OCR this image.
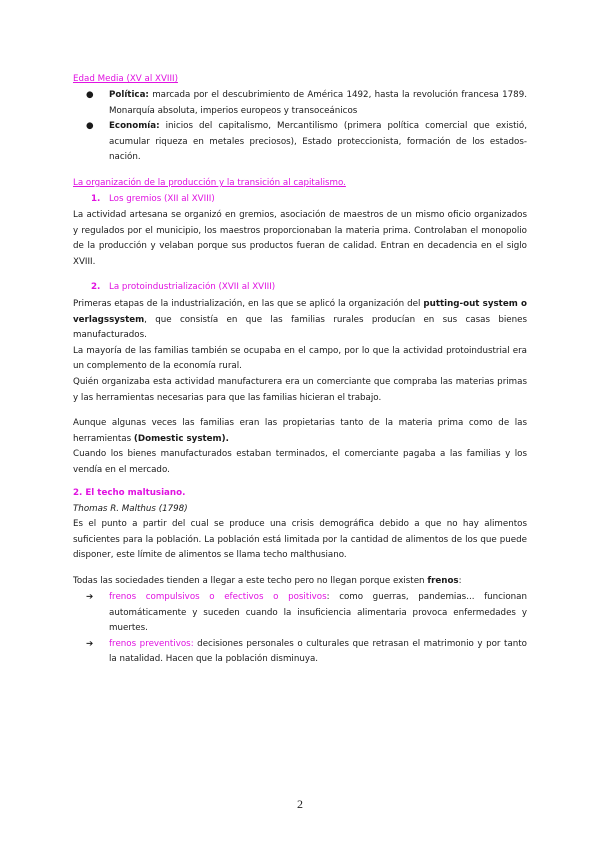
Edad Media (XV al XVIII)
● Política: marcada por el descubrimiento de América 1492, hasta la revolución francesa 1789. Monarquía absoluta, imperios europeos y transoceánicos
● Economía: inicios del capitalismo, Mercantilismo (primera política comercial que existió, acumular riqueza en metales preciosos), Estado proteccionista, formación de los estados-nación.
La organización de la producción y la transición al capitalismo.
1. Los gremios (XII al XVIII)

La actividad artesana se organizó en gremios, asociación de maestros de un mismo oficio organizados y regulados por el municipio, los maestros proporcionaban la materia prima. Controlaban el monopolio de la producción y velaban porque sus productos fueran de calidad. Entran en decadencia en el siglo XVIII.

2. La protoindustrialización (XVII al XVIII)

Primeras etapas de la industrialización, en las que se aplicó la organización del putting-out system o verlagssystem, que consistía en que las familias rurales producían en sus casas bienes manufacturados.

La mayoría de las familias también se ocupaba en el campo, por lo que la actividad protoindustrial era un complemento de la economía rural.

Quién organizaba esta actividad manufacturera era un comerciante que compraba las materias primas y las herramientas necesarias para que las familias hicieran el trabajo.

Aunque algunas veces las familias eran las propietarias tanto de la materia prima como de las herramientas (Domestic system).

Cuando los bienes manufacturados estaban terminados, el comerciante pagaba a las familias y los vendía en el mercado.

2. El techo maltusiano.
Thomas R. Malthus (1798)

Es el punto a partir del cual se produce una crisis demográfica debido a que no hay alimentos suficientes para la población. La población está limitada por la cantidad de alimentos de los que puede disponer, este límite de alimentos se llama techo malthusiano.

Todas las sociedades tienden a llegar a este techo pero no llegan porque existen frenos:

➔ frenos compulsivos o efectivos o positivos: como guerras, pandemias... funcionan automáticamente y suceden cuando la insuficiencia alimentaria provoca enfermedades y muertes.
➔ frenos preventivos: decisiones personales o culturales que retrasan el matrimonio y por tanto la natalidad. Hacen que la población disminuya.
2
